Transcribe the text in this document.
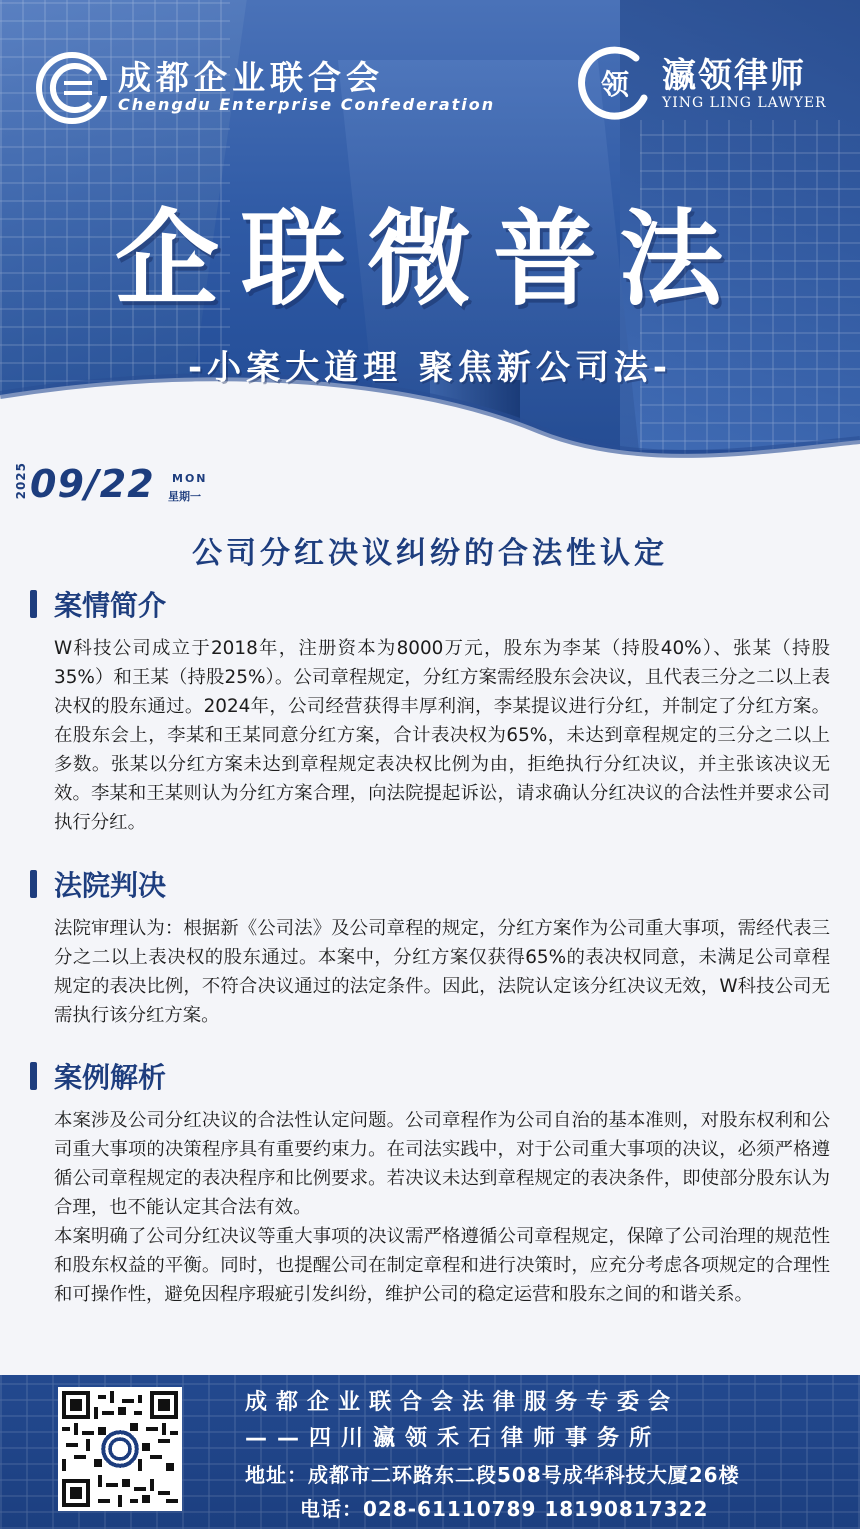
成都企业联合会
Chengdu Enterprise Confederation
领 瀛领律师
YING LING LAWYER
企联微普法
-小案大道理 聚焦新公司法-
2025 09/22 MON
星期一
公司分红决议纠纷的合法性认定
案情简介

W科技公司成立于2018年，注册资本为8000万元，股东为李某（持股40%）、张某（持股35%）和王某（持股25%）。公司章程规定，分红方案需经股东会决议，且代表三分之二以上表决权的股东通过。2024年，公司经营获得丰厚利润，李某提议进行分红，并制定了分红方案。在股东会上，李某和王某同意分红方案，合计表决权为65%，未达到章程规定的三分之二以上多数。张某以分红方案未达到章程规定表决权比例为由，拒绝执行分红决议，并主张该决议无效。李某和王某则认为分红方案合理，向法院提起诉讼，请求确认分红决议的合法性并要求公司执行分红。

法院判决

法院审理认为：根据新《公司法》及公司章程的规定，分红方案作为公司重大事项，需经代表三分之二以上表决权的股东通过。本案中，分红方案仅获得65%的表决权同意，未满足公司章程规定的表决比例，不符合决议通过的法定条件。因此，法院认定该分红决议无效，W科技公司无需执行该分红方案。

案例解析

本案涉及公司分红决议的合法性认定问题。公司章程作为公司自治的基本准则，对股东权利和公司重大事项的决策程序具有重要约束力。在司法实践中，对于公司重大事项的决议，必须严格遵循公司章程规定的表决程序和比例要求。若决议未达到章程规定的表决条件，即使部分股东认为合理，也不能认定其合法有效。

本案明确了公司分红决议等重大事项的决议需严格遵循公司章程规定，保障了公司治理的规范性和股东权益的平衡。同时，也提醒公司在制定章程和进行决策时，应充分考虑各项规定的合理性和可操作性，避免因程序瑕疵引发纠纷，维护公司的稳定运营和股东之间的和谐关系。

成都企业联合会法律服务专委会
——四川瀛领禾石律师事务所
地址：成都市二环路东二段508号成华科技大厦26楼
电话：028-61110789 18190817322
